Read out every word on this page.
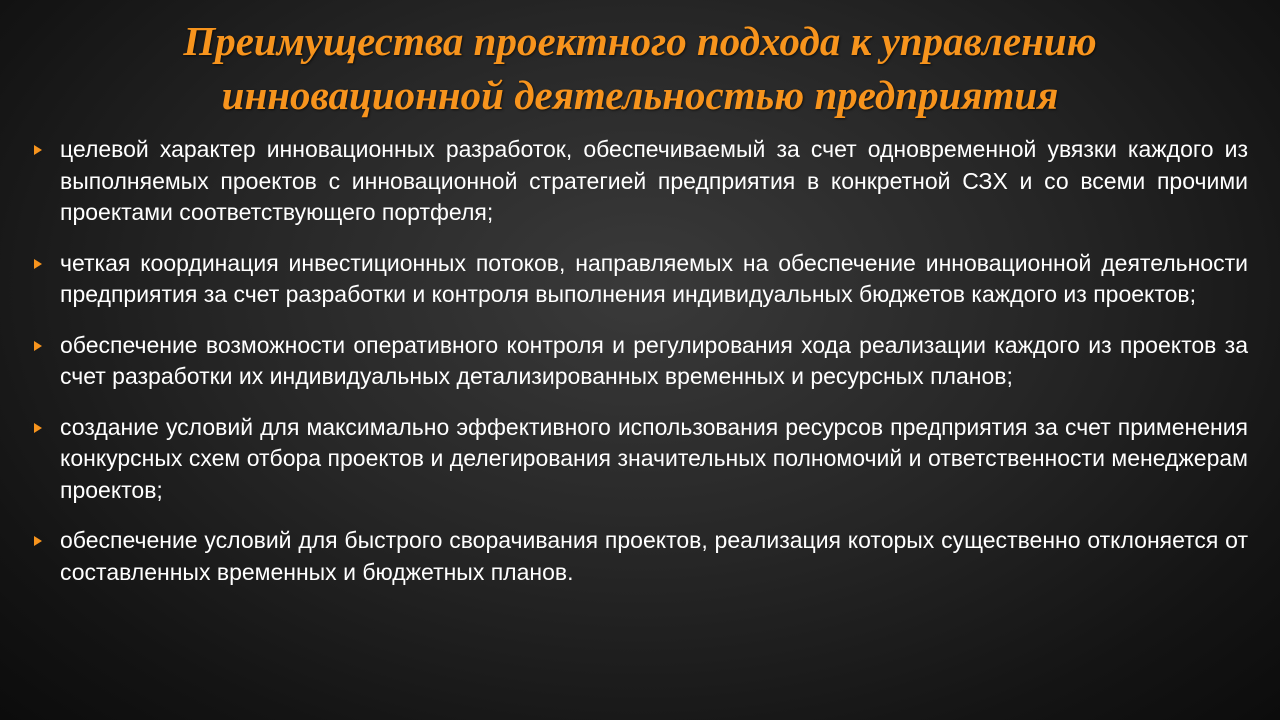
Преимущества проектного подхода к управлению инновационной деятельностью предприятия
целевой характер инновационных разработок, обеспечиваемый за счет одновременной увязки каждого из выполняемых проектов с инновационной стратегией предприятия в конкретной СЗХ и со всеми прочими проектами соответствующего портфеля;
четкая координация инвестиционных потоков, направляемых на обеспечение инновационной деятельности предприятия за счет разработки и контроля выполнения индивидуальных бюджетов каждого из проектов;
обеспечение возможности оперативного контроля и регулирования хода реализации каждого из проектов за счет разработки их индивидуальных детализированных временных и ресурсных планов;
создание условий для максимально эффективного использования ресурсов предприятия за счет применения конкурсных схем отбора проектов и делегирования значительных полномочий и ответственности менеджерам проектов;
обеспечение условий для быстрого сворачивания проектов, реализация которых существенно отклоняется от составленных временных и бюджетных планов.
